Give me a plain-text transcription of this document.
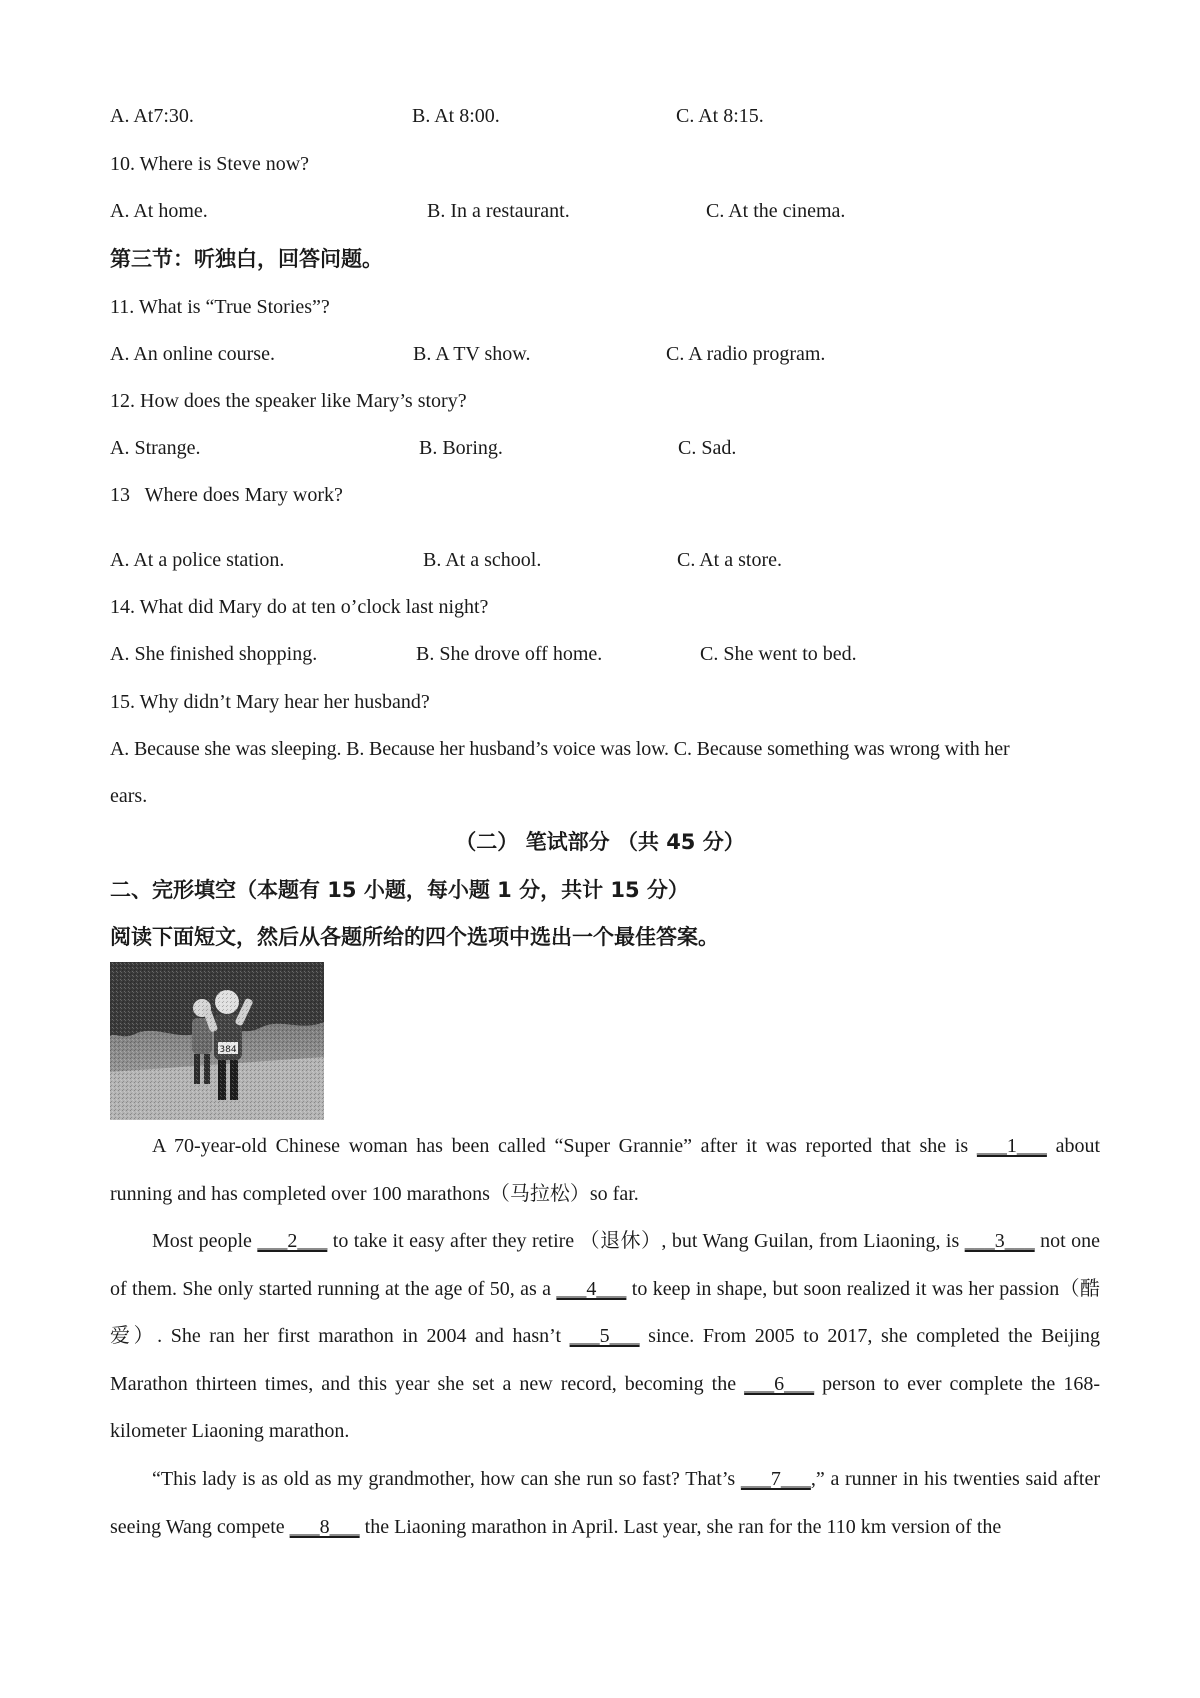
A. At7:30.	B. At 8:00.	C. At 8:15.
10. Where is Steve now?
A. At home.	B. In a restaurant.	C. At the cinema.
第三节：听独白，回答问题。
11. What is “True Stories”?
A. An online course.	B. A TV show.	C. A radio program.
12. How does the speaker like Mary’s story?
A. Strange.	B. Boring.	C. Sad.
13   Where does Mary work?
A. At a police station.	B. At a school.	C. At a store.
14. What did Mary do at ten o’clock last night?
A. She finished shopping.	B. She drove off home.	C. She went to bed.
15. Why didn’t Mary hear her husband?
A. Because she was sleeping. B. Because her husband’s voice was low. C. Because something was wrong with her
ears.
（二） 笔试部分 （共 45 分）
二、完形填空（本题有 15 小题，每小题 1 分，共计 15 分）
阅读下面短文，然后从各题所给的四个选项中选出一个最佳答案。
A 70-year-old Chinese woman has been called “Super Grannie” after it was reported that she is ___1___ about running and has completed over 100 marathons（马拉松）so far.
Most people ___2___ to take it easy after they retire （退休）, but Wang Guilan, from Liaoning, is ___3___ not one of them. She only started running at the age of 50, as a ___4___ to keep in shape, but soon realized it was her passion（酷爱）. She ran her first marathon in 2004 and hasn’t ___5___ since. From 2005 to 2017, she completed the Beijing Marathon thirteen times, and this year she set a new record, becoming the ___6___ person to ever complete the 168-kilometer Liaoning marathon.
“This lady is as old as my grandmother, how can she run so fast? That’s ___7___,” a runner in his twenties said after seeing Wang compete ___8___ the Liaoning marathon in April. Last year, she ran for the 110 km version of the
